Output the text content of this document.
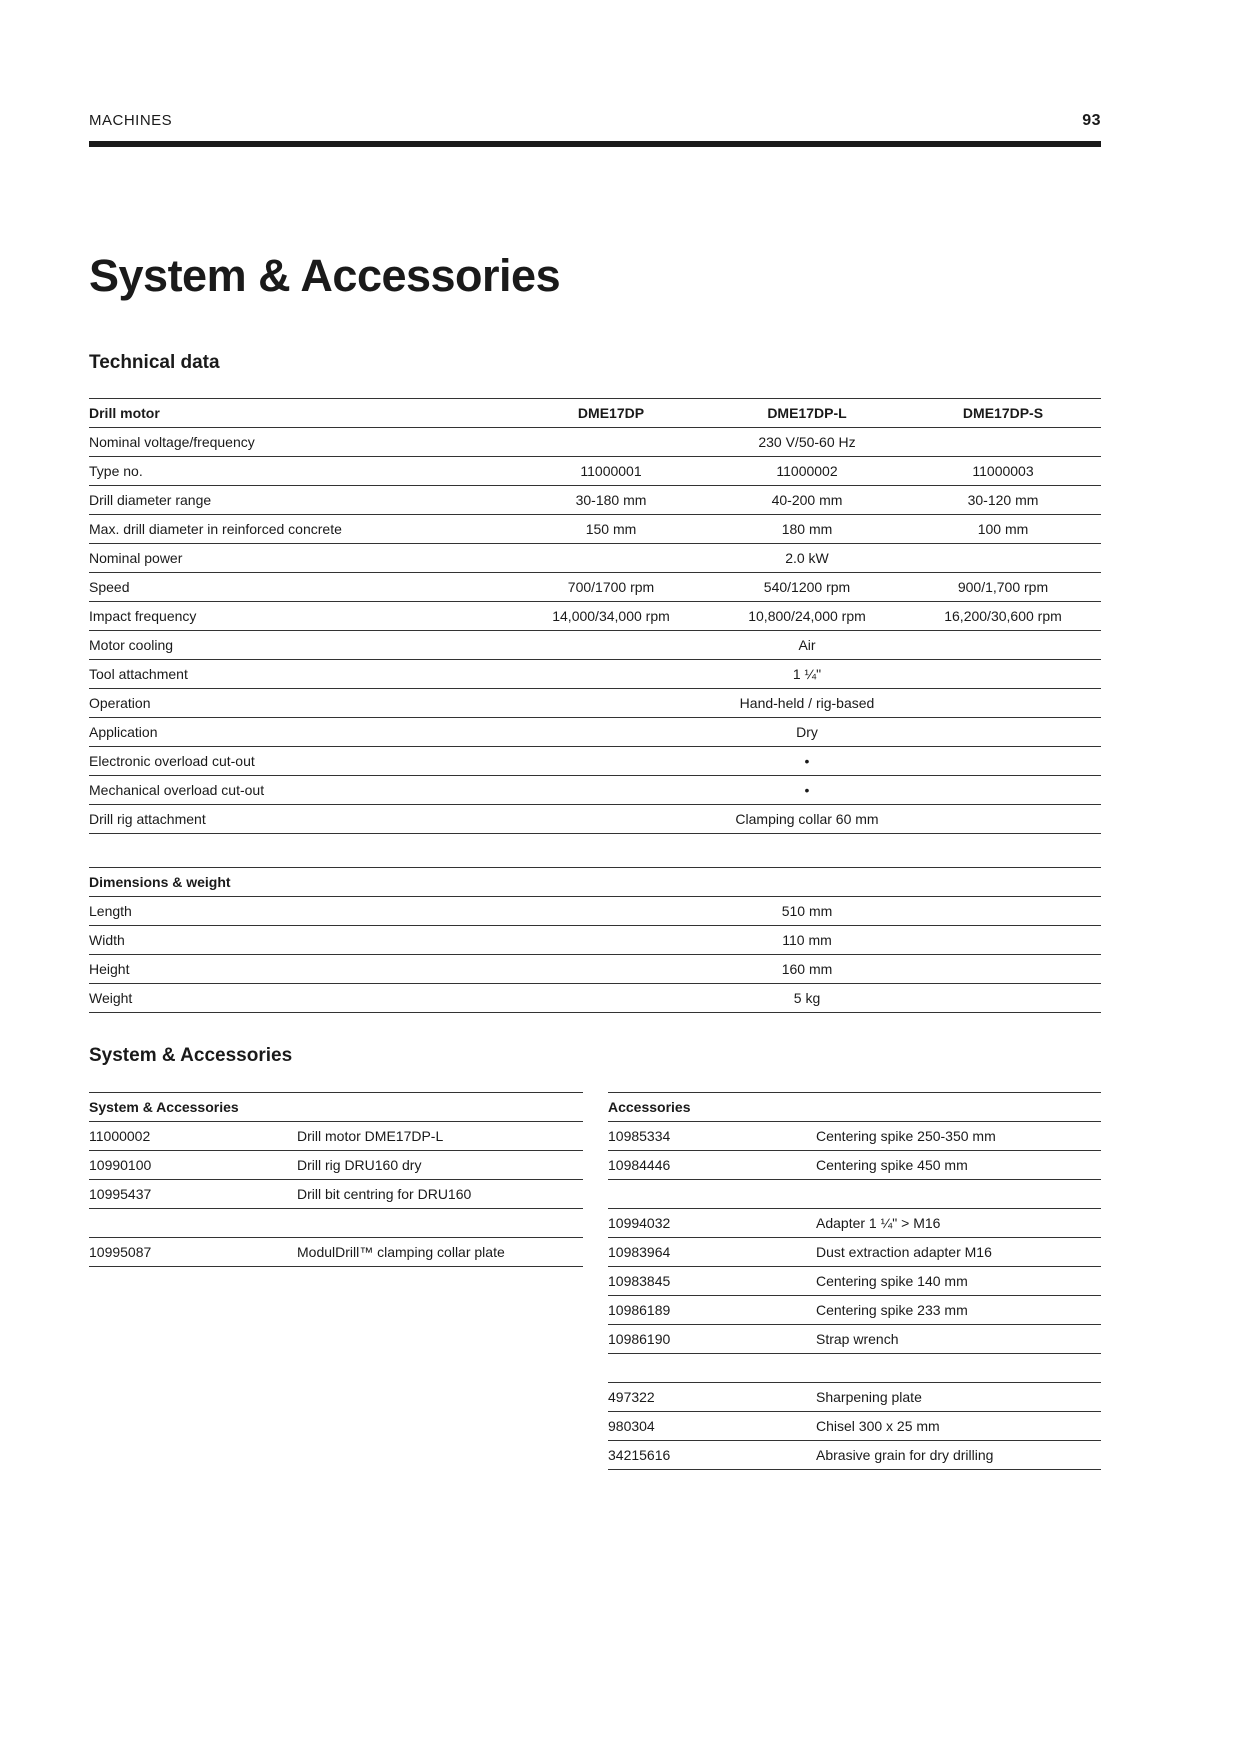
MACHINES	93
System & Accessories
Technical data
Drill motor	DME17DP	DME17DP-L	DME17DP-S
Nominal voltage/frequency	230 V/50-60 Hz		
Type no.	11000001	11000002	11000003
Drill diameter range	30-180 mm	40-200 mm	30-120 mm
Max. drill diameter in reinforced concrete	150 mm	180 mm	100 mm
Nominal power	2.0 kW		
Speed	700/1700 rpm	540/1200 rpm	900/1,700 rpm
Impact frequency	14,000/34,000 rpm	10,800/24,000 rpm	16,200/30,600 rpm
Motor cooling	Air		
Tool attachment	1 ¼"		
Operation	Hand-held / rig-based		
Application	Dry		
Electronic overload cut-out	•		
Mechanical overload cut-out	•		
Drill rig attachment	Clamping collar 60 mm		
Dimensions & weight	
Length	510 mm
Width	110 mm
Height	160 mm
Weight	5 kg
System & Accessories
System & Accessories	
11000002	Drill motor DME17DP-L
10990100	Drill rig DRU160 dry
10995437	Drill bit centring for DRU160

10995087	ModulDrill™ clamping collar plate
Accessories	
10985334	Centering spike 250-350 mm
10984446	Centering spike 450 mm

10994032	Adapter 1 ¼" > M16
10983964	Dust extraction adapter M16
10983845	Centering spike 140 mm
10986189	Centering spike 233 mm
10986190	Strap wrench

497322	Sharpening plate
980304	Chisel 300 x 25 mm
34215616	Abrasive grain for dry drilling
